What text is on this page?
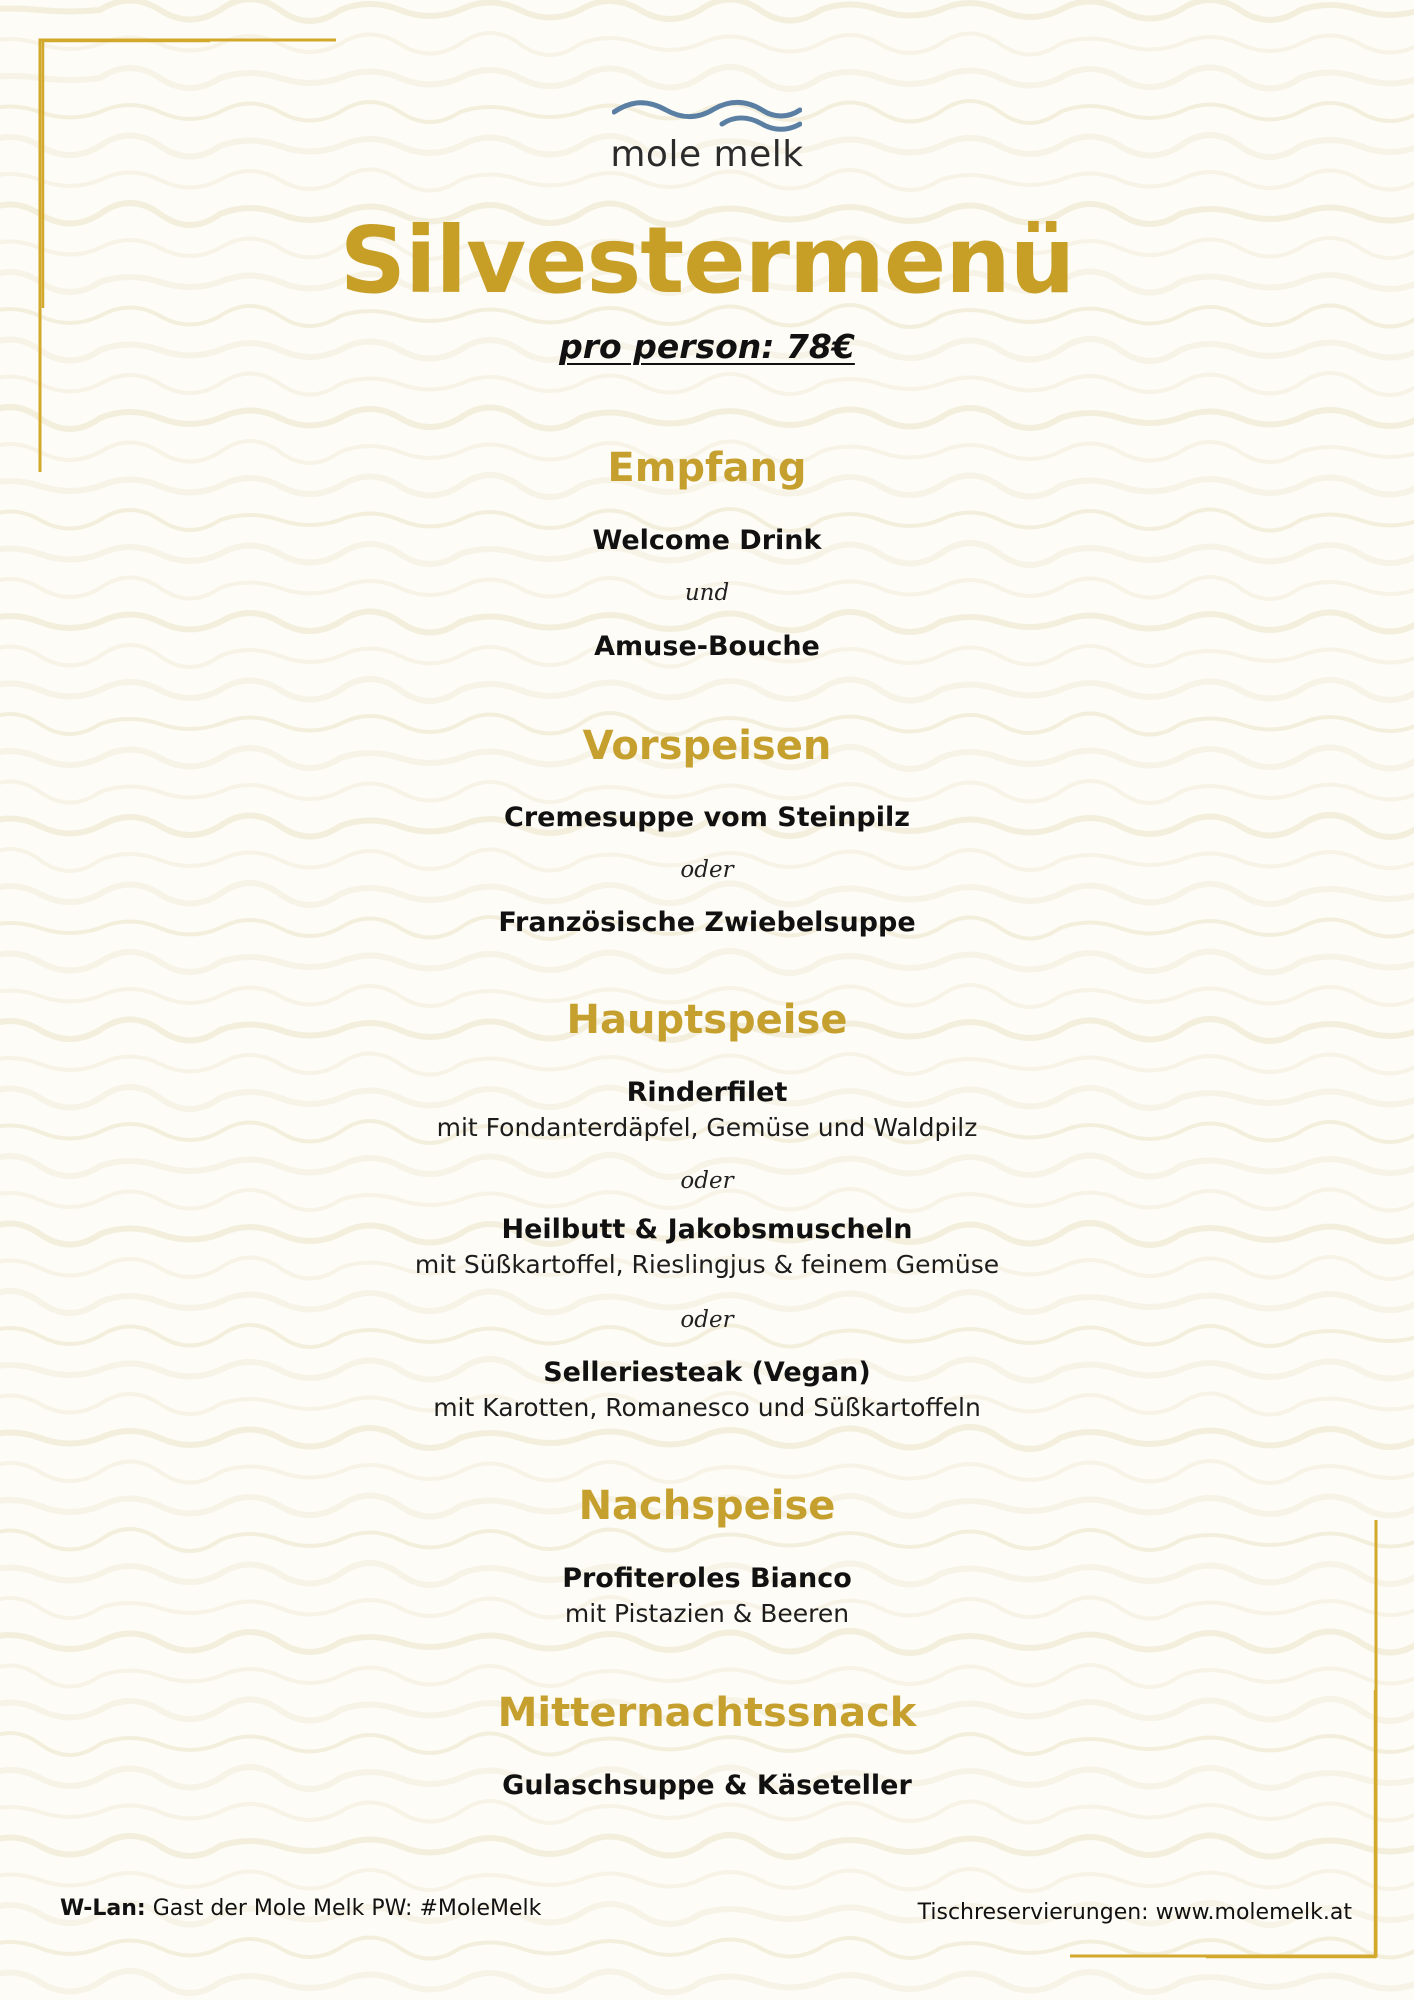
mole melk
Silvestermenü
pro person: 78€
Empfang
Welcome Drink
und
Amuse-Bouche
Vorspeisen
Cremesuppe vom Steinpilz
oder
Französische Zwiebelsuppe
Hauptspeise
Rinderfilet
mit Fondanterdäpfel, Gemüse und Waldpilz
oder
Heilbutt & Jakobsmuscheln
mit Süßkartoffel, Rieslingjus & feinem Gemüse
oder
Selleriesteak (Vegan)
mit Karotten, Romanesco und Süßkartoffeln
Nachspeise
Profiteroles Bianco
mit Pistazien & Beeren
Mitternachtssnack
Gulaschsuppe & Käseteller
W-Lan: Gast der Mole Melk PW: #MoleMelk	Tischreservierungen: www.molemelk.at
